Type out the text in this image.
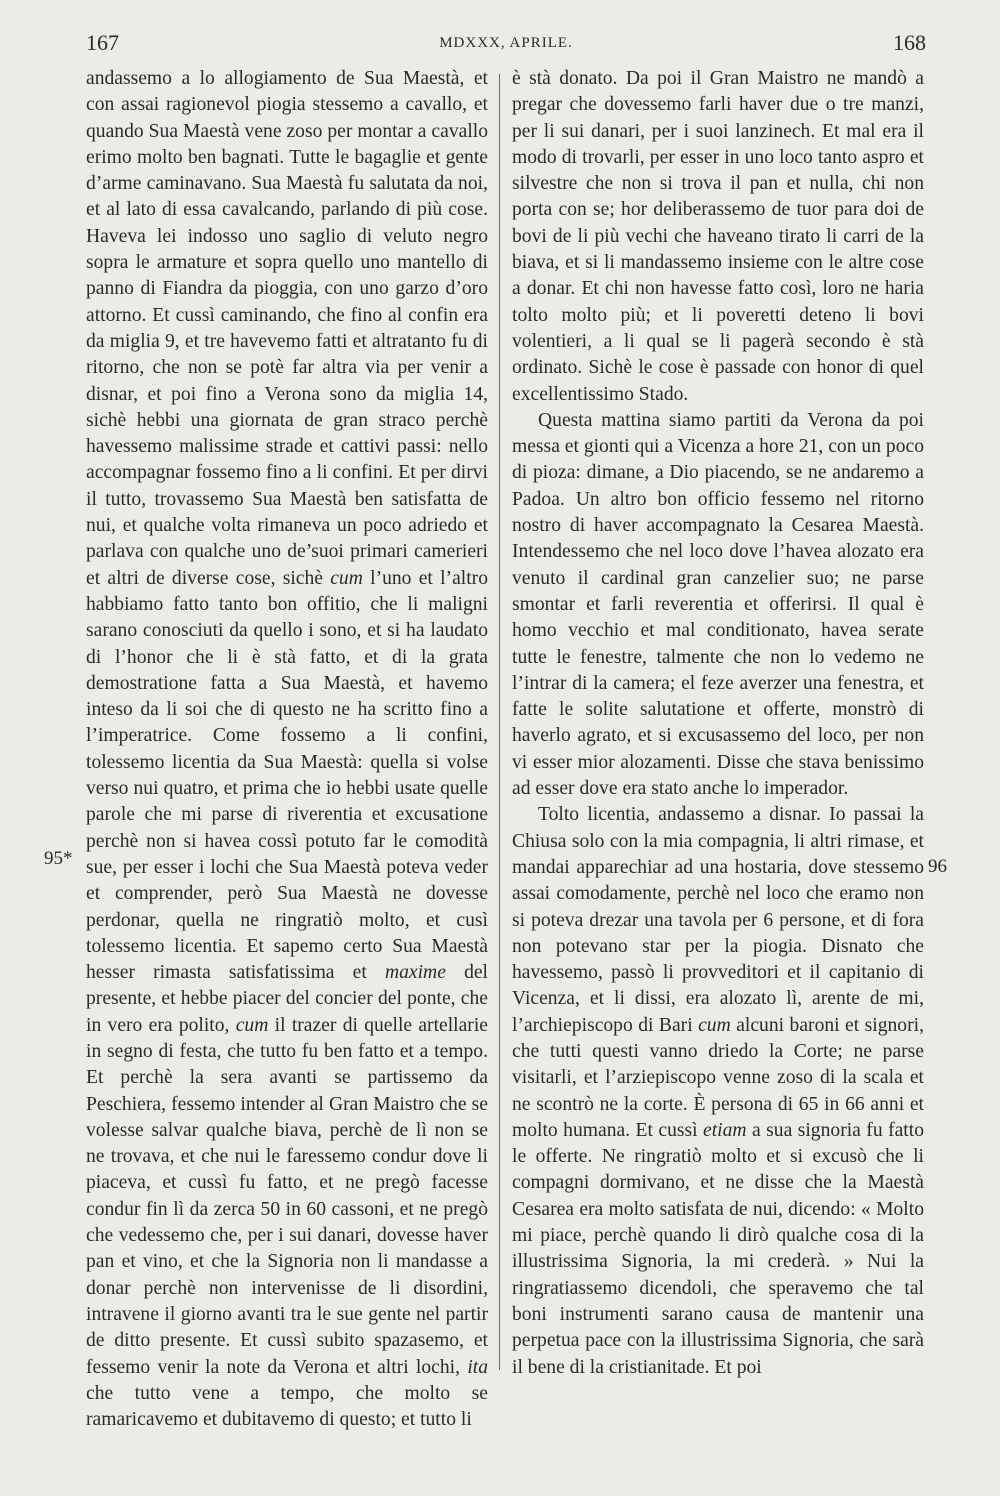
167	MDXXX, APRILE.	168
95*	96

andassemo a lo allogiamento de Sua Maestà, et con assai ragionevol piogia stessemo a cavallo, et quando Sua Maestà vene zoso per montar a cavallo erimo molto ben bagnati. Tutte le bagaglie et gente d’arme caminavano. Sua Maestà fu salutata da noi, et al lato di essa cavalcando, parlando di più cose. Haveva lei indosso uno saglio di veluto negro sopra le armature et sopra quello uno mantello di panno di Fiandra da pioggia, con uno garzo d’oro attorno. Et cussì caminando, che fino al confin era da miglia 9, et tre havevemo fatti et altratanto fu di ritorno, che non se potè far altra via per venir a disnar, et poi fino a Verona sono da miglia 14, sichè hebbi una giornata de gran straco perchè havessemo malissime strade et cattivi passi: nello accompagnar fossemo fino a li confini. Et per dirvi il tutto, trovassemo Sua Maestà ben satisfatta de nui, et qualche volta rimaneva un poco adriedo et parlava con qualche uno de’suoi primari camerieri et altri de diverse cose, sichè cum l’uno et l’altro habbiamo fatto tanto bon offitio, che li maligni sarano conosciuti da quello i sono, et si ha laudato di l’honor che li è stà fatto, et di la grata demostratione fatta a Sua Maestà, et havemo inteso da li soi che di questo ne ha scritto fino a l’imperatrice. Come fossemo a li confini, tolessemo licentia da Sua Maestà: quella si volse verso nui quatro, et prima che io hebbi usate quelle parole che mi parse di riverentia et excusatione perchè non si havea cossì potuto far le comodità sue, per esser i lochi che Sua Maestà poteva veder et comprender, però Sua Maestà ne dovesse perdonar, quella ne ringratiò molto, et cusì tolessemo licentia. Et sapemo certo Sua Maestà hesser rimasta satisfatissima et maxime del presente, et hebbe piacer del concier del ponte, che in vero era polito, cum il trazer di quelle artellarie in segno di festa, che tutto fu ben fatto et a tempo. Et perchè la sera avanti se partissemo da Peschiera, fessemo intender al Gran Maistro che se volesse salvar qualche biava, perchè de lì non se ne trovava, et che nui le faressemo condur dove li piaceva, et cussì fu fatto, et ne pregò facesse condur fin lì da zerca 50 in 60 cassoni, et ne pregò che vedessemo che, per i sui danari, dovesse haver pan et vino, et che la Signoria non li mandasse a donar perchè non intervenisse de li disordini, intravene il giorno avanti tra le sue gente nel partir de ditto presente. Et cussì subito spazasemo, et fessemo venir la note da Verona et altri lochi, ita che tutto vene a tempo, che molto se ramaricavemo et dubitavemo di questo; et tutto li

è stà donato. Da poi il Gran Maistro ne mandò a pregar che dovessemo farli haver due o tre manzi, per li sui danari, per i suoi lanzinech. Et mal era il modo di trovarli, per esser in uno loco tanto aspro et silvestre che non si trova il pan et nulla, chi non porta con se; hor deliberassemo de tuor para doi de bovi de li più vechi che haveano tirato li carri de la biava, et si li mandassemo insieme con le altre cose a donar. Et chi non havesse fatto così, loro ne haria tolto molto più; et li poveretti deteno li bovi volentieri, a li qual se li pagerà secondo è stà ordinato. Sichè le cose è passade con honor di quel excellentissimo Stado.

Questa mattina siamo partiti da Verona da poi messa et gionti qui a Vicenza a hore 21, con un poco di pioza: dimane, a Dio piacendo, se ne andaremo a Padoa. Un altro bon officio fessemo nel ritorno nostro di haver accompagnato la Cesarea Maestà. Intendessemo che nel loco dove l’havea alozato era venuto il cardinal gran canzelier suo; ne parse smontar et farli reverentia et offerirsi. Il qual è homo vecchio et mal conditionato, havea serate tutte le fenestre, talmente che non lo vedemo ne l’intrar di la camera; el feze averzer una fenestra, et fatte le solite salutatione et offerte, monstrò di haverlo agrato, et si excusassemo del loco, per non vi esser mior alozamenti. Disse che stava benissimo ad esser dove era stato anche lo imperador.

Tolto licentia, andassemo a disnar. Io passai la Chiusa solo con la mia compagnia, li altri rimase, et mandai apparechiar ad una hostaria, dove stessemo assai comodamente, perchè nel loco che eramo non si poteva drezar una tavola per 6 persone, et di fora non potevano star per la piogia. Disnato che havessemo, passò li provveditori et il capitanio di Vicenza, et li dissi, era alozato lì, arente de mi, l’archiepiscopo di Bari cum alcuni baroni et signori, che tutti questi vanno driedo la Corte; ne parse visitarli, et l’arziepiscopo venne zoso di la scala et ne scontrò ne la corte. È persona di 65 in 66 anni et molto humana. Et cussì etiam a sua signoria fu fatto le offerte. Ne ringratiò molto et si excusò che li compagni dormivano, et ne disse che la Maestà Cesarea era molto satisfata de nui, dicendo: « Molto mi piace, perchè quando li dirò qualche cosa di la illustrissima Signoria, la mi crederà. » Nui la ringratiassemo dicendoli, che speravemo che tal boni instrumenti sarano causa de mantenir una perpetua pace con la illustrissima Signoria, che sarà il bene di la cristianitade. Et poi
